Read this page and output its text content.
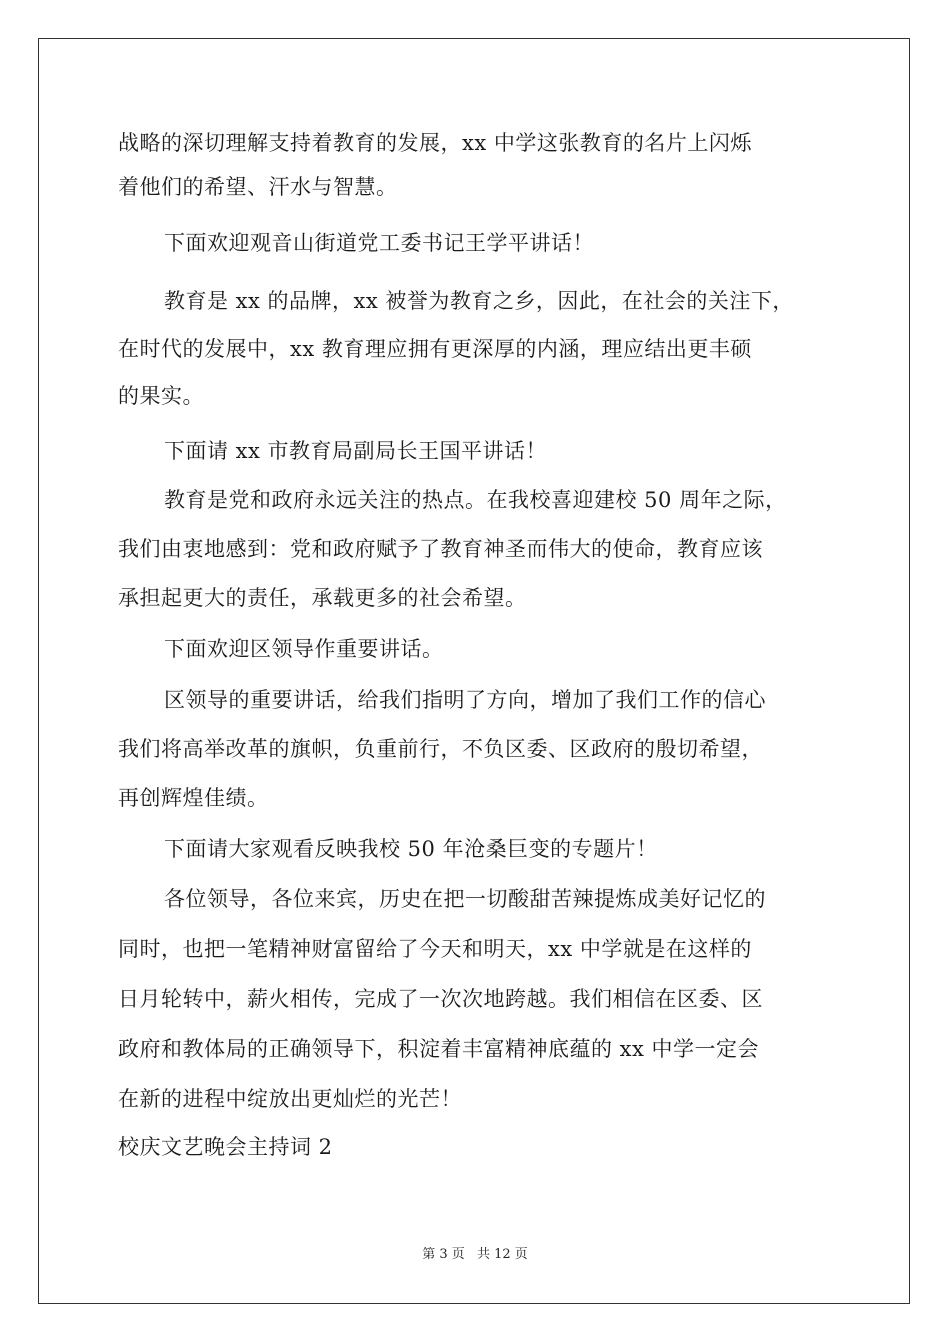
战略的深切理解支持着教育的发展，xx 中学这张教育的名片上闪烁
着他们的希望、汗水与智慧。
下面欢迎观音山街道党工委书记王学平讲话！
教育是 xx 的品牌，xx 被誉为教育之乡，因此，在社会的关注下，
在时代的发展中，xx 教育理应拥有更深厚的内涵，理应结出更丰硕
的果实。
下面请 xx 市教育局副局长王国平讲话！
教育是党和政府永远关注的热点。在我校喜迎建校 50 周年之际，
我们由衷地感到：党和政府赋予了教育神圣而伟大的使命，教育应该
承担起更大的责任，承载更多的社会希望。
下面欢迎区领导作重要讲话。
区领导的重要讲话，给我们指明了方向，增加了我们工作的信心
我们将高举改革的旗帜，负重前行，不负区委、区政府的殷切希望，
再创辉煌佳绩。
下面请大家观看反映我校 50 年沧桑巨变的专题片！
各位领导，各位来宾，历史在把一切酸甜苦辣提炼成美好记忆的
同时，也把一笔精神财富留给了今天和明天，xx 中学就是在这样的
日月轮转中，薪火相传，完成了一次次地跨越。我们相信在区委、区
政府和教体局的正确领导下，积淀着丰富精神底蕴的 xx 中学一定会
在新的进程中绽放出更灿烂的光芒！
校庆文艺晚会主持词 2
第 3 页 共 12 页
